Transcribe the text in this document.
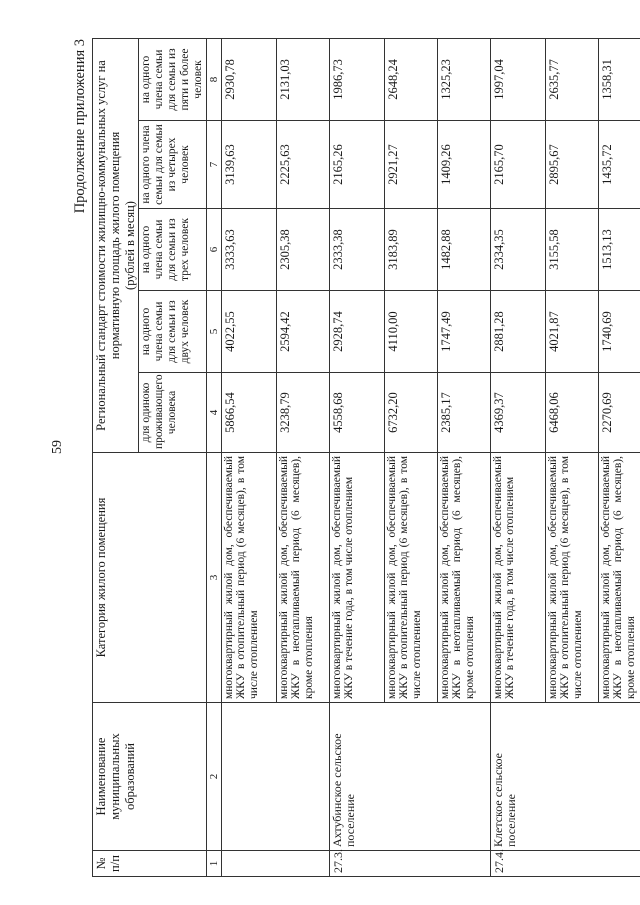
59
Продолжение приложения 3
№ п/п	Наименование муниципальных образований	Категория жилого помещения	Региональный стандарт стоимости жилищно-коммунальных услуг на нормативную площадь жилого помещения
(рублей в месяц)				
			для одиноко проживающего человека	на одного члена семьи для семьи из двух человек	на одного члена семьи для семьи из трех человек	на одного члена семьи для семьи из четырех человек	на одного члена семьи для семьи из пяти и более человек
1	2	3	4	5	6	7	8
		многоквартирный жилой дом, обеспечиваемый ЖКУ в отопительный период (6 месяцев), в том числе отоплением	5866,54	4022,55	3333,63	3139,63	2930,78
		многоквартирный жилой дом, обеспечиваемый ЖКУ в неотапливаемый период (6 месяцев), кроме отопления	3238,79	2594,42	2305,38	2225,63	2131,03
27.3.	Ахтубинское сельское поселение	многоквартирный жилой дом, обеспечиваемый ЖКУ в течение года, в том числе отоплением	4558,68	2928,74	2333,38	2165,26	1986,73
		многоквартирный жилой дом, обеспечиваемый ЖКУ в отопительный период (6 месяцев), в том числе отоплением	6732,20	4110,00	3183,89	2921,27	2648,24
		многоквартирный жилой дом, обеспечиваемый ЖКУ в неотапливаемый период (6 месяцев), кроме отопления	2385,17	1747,49	1482,88	1409,26	1325,23
27.4.	Клетское сельское поселение	многоквартирный жилой дом, обеспечиваемый ЖКУ в течение года, в том числе отоплением	4369,37	2881,28	2334,35	2165,70	1997,04
		многоквартирный жилой дом, обеспечиваемый ЖКУ в отопительный период (6 месяцев), в том числе отоплением	6468,06	4021,87	3155,58	2895,67	2635,77
		многоквартирный жилой дом, обеспечиваемый ЖКУ в неотапливаемый период (6 месяцев), кроме отопления	2270,69	1740,69	1513,13	1435,72	1358,31
